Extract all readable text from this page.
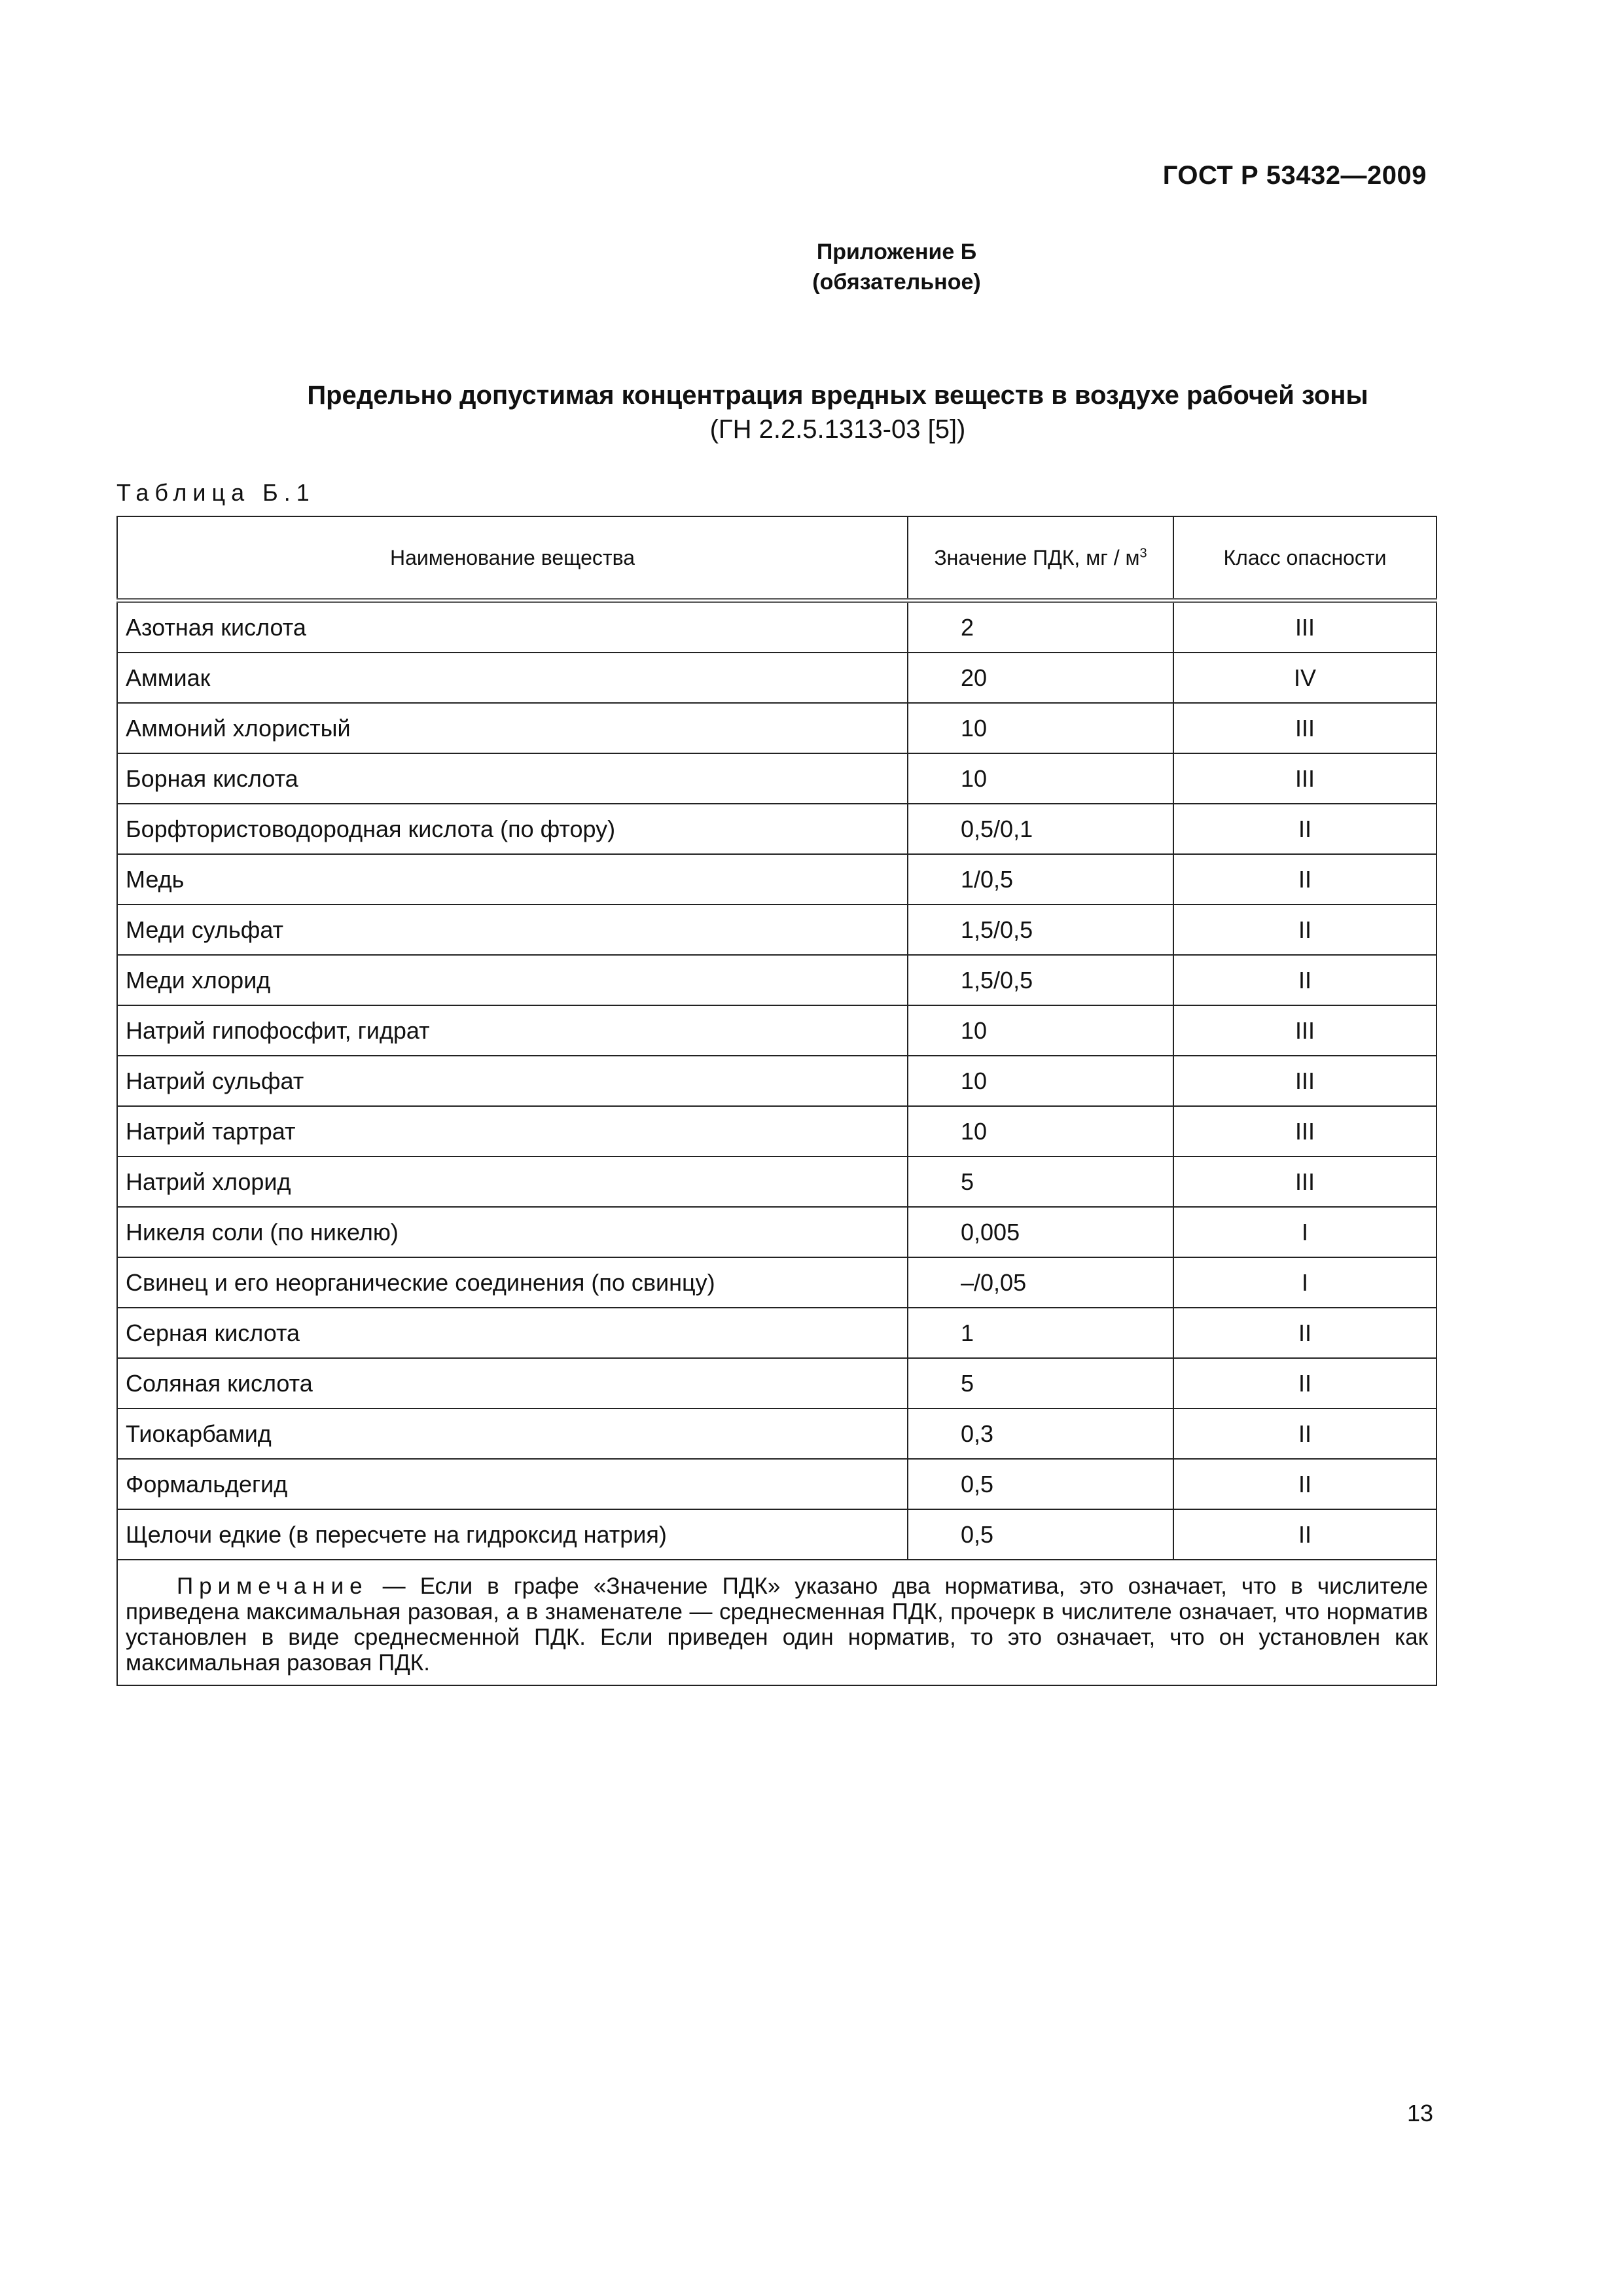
ГОСТ Р 53432—2009
Приложение Б
(обязательное)
Предельно допустимая концентрация вредных веществ в воздухе рабочей зоны
(ГН 2.2.5.1313-03 [5])
Таблица Б.1
Наименование вещества	Значение ПДК, мг / $м^3$	Класс опасности
Азотная кислота	2	III
Аммиак	20	IV
Аммоний хлористый	10	III
Борная кислота	10	III
Борфтористоводородная кислота (по фтору)	0,5/0,1	II
Медь	1/0,5	II
Меди сульфат	1,5/0,5	II
Меди хлорид	1,5/0,5	II
Натрий гипофосфит, гидрат	10	III
Натрий сульфат	10	III
Натрий тартрат	10	III
Натрий хлорид	5	III
Никеля соли (по никелю)	0,005	I
Свинец и его неорганические соединения (по свинцу)	–/0,05	I
Серная кислота	1	II
Соляная кислота	5	II
Тиокарбамид	0,3	II
Формальдегид	0,5	II
Щелочи едкие (в пересчете на гидроксид натрия)	0,5	II
Примечание — Если в графе «Значение ПДК» указано два норматива, это означает, что в числителе приведена максимальная разовая, а в знаменателе — среднесменная ПДК, прочерк в числителе означает, что норматив установлен в виде среднесменной ПДК. Если приведен один норматив, то это означает, что он установлен как максимальная разовая ПДК.		
13
